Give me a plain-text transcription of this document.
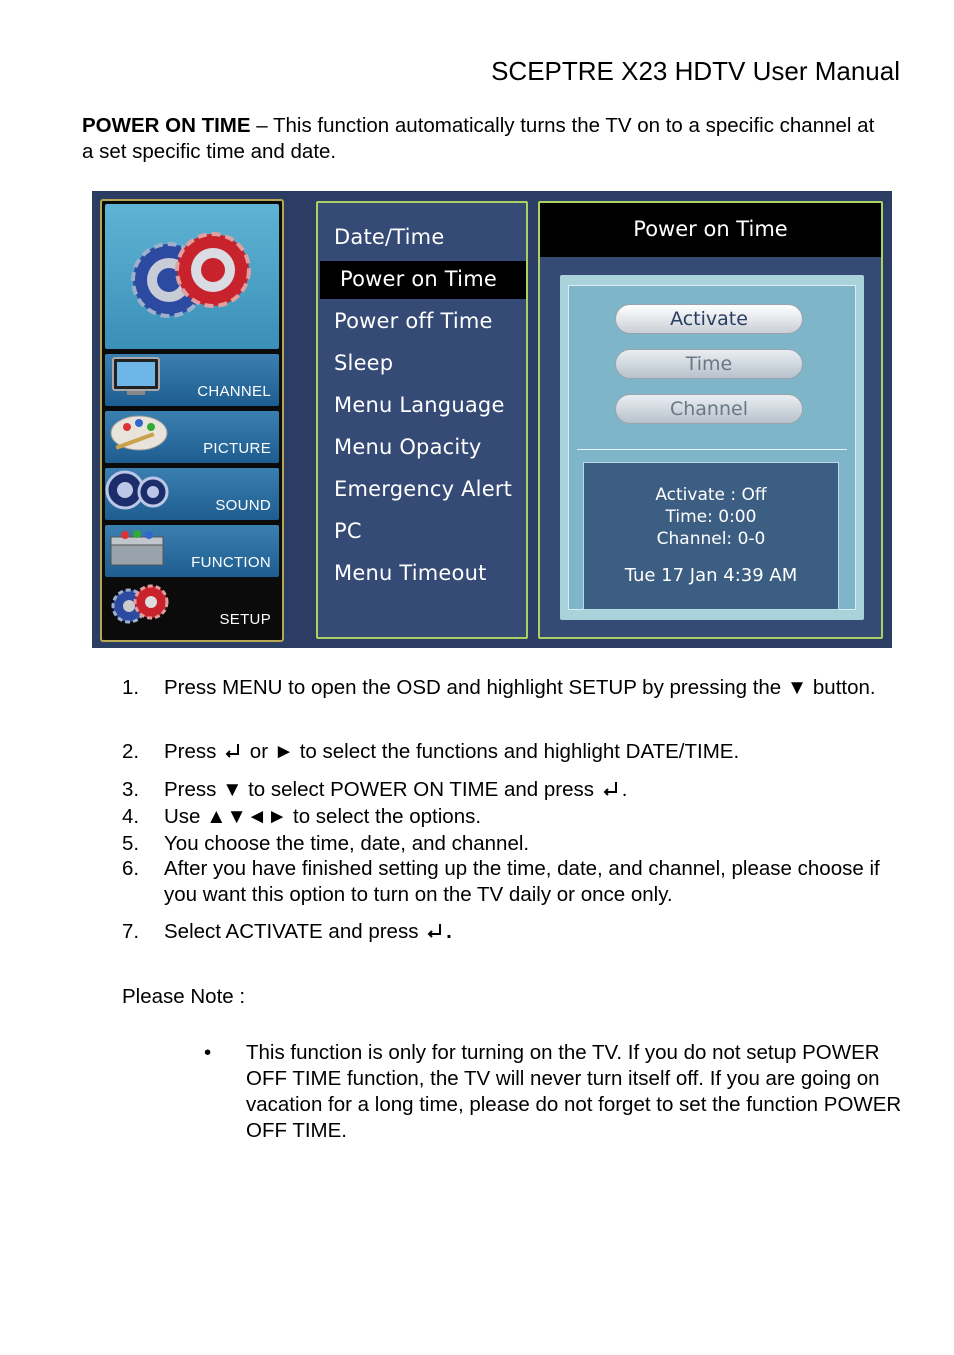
SCEPTRE X23 HDTV User Manual
POWER ON TIME – This function automatically turns the TV on to a specific channel at a set specific time and date.
CHANNEL
PICTURE
SOUND
FUNCTION
SETUP
Date/Time
Power on Time
Power off Time
Sleep
Menu Language
Menu Opacity
Emergency Alert
PC
Menu Timeout
Power on Time
Activate
Time
Channel
Activate : Off
Time: 0:00
Channel: 0-0
Tue 17 Jan 4:39 AM
1. Press MENU to open the OSD and highlight SETUP by pressing the ▼ button.
2. Press  or ► to select the functions and highlight DATE/TIME.
3. Press ▼ to select POWER ON TIME and press .
4. Use ▲▼◄► to select the options.
5. You choose the time, date, and channel.
6. After you have finished setting up the time, date, and channel, please choose if you want this option to turn on the TV daily or once only.
7. Select ACTIVATE and press .
Please Note :
• This function is only for turning on the TV. If you do not setup POWER OFF TIME function, the TV will never turn itself off. If you are going on vacation for a long time, please do not forget to set the function POWER OFF TIME.
